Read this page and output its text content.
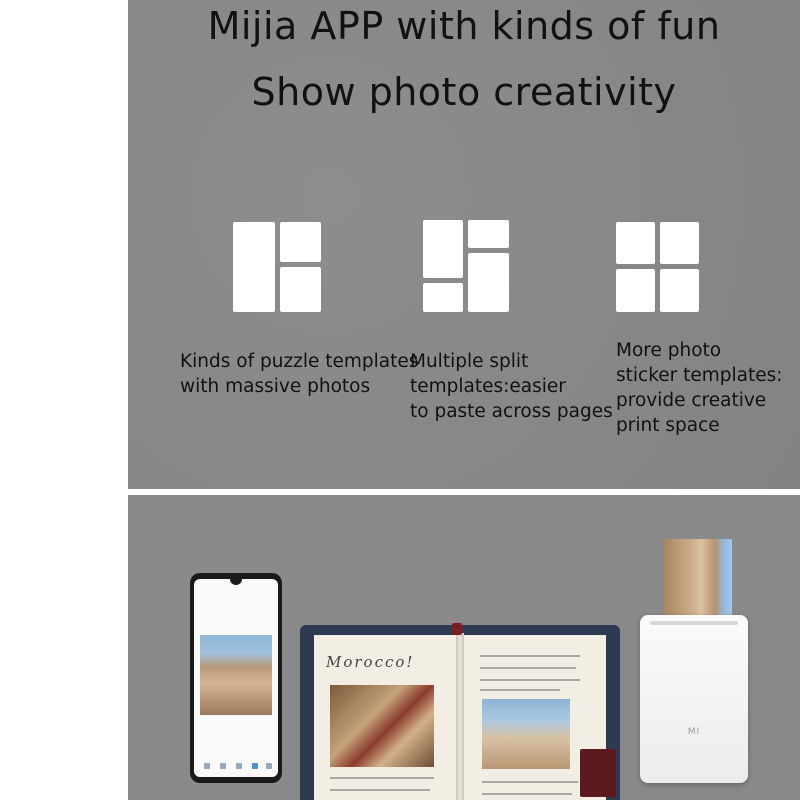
Mijia APP with kinds of fun
Show photo creativity
Kinds of puzzle templates
with massive photos
Multiple split
templates:easier
to paste across pages
More photo
sticker templates:
provide creative
print space
Morocco!
MI
